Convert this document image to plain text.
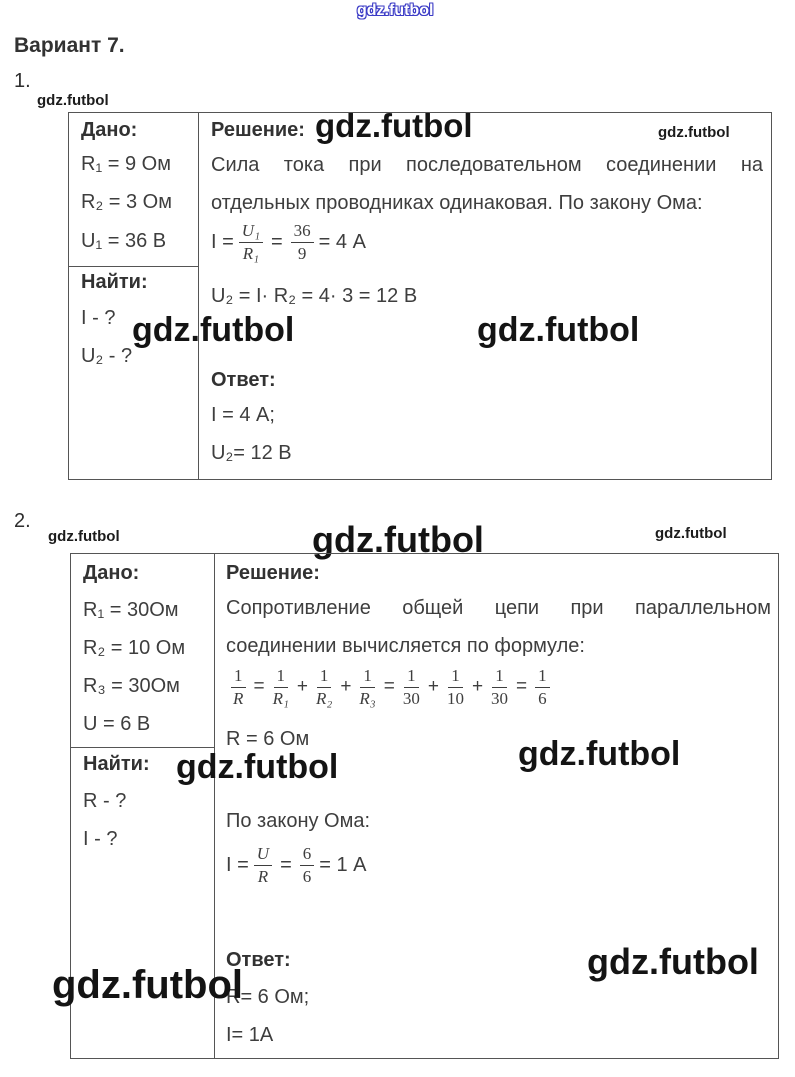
gdz.futbol
Вариант 7.
1.
gdz.futbol
Дано:
R₁ = 9 Ом
R₂ = 3 Ом
U₁ = 36 В
Найти:
I - ?
U₂ - ?
Решение: gdz.futbol	gdz.futbol
Сила тока при последовательном соединении на
отдельных проводниках одинаковая. По закону Ома:
$I = \frac{\text{U₁}}{\text{R₁}} = \frac{36}{9} = 4$ А
U₂ = I· R₂ = 4· 3 = 12 В
Ответ:
I = 4 А;
U₂= 12 В
gdz.futbol	gdz.futbol
2.
gdz.futbol	gdz.futbol	gdz.futbol
Дано:
R₁ = 30Ом
R₂ = 10 Ом
R₃ = 30Ом
U = 6 В
Найти:
R - ?
I - ?
Решение:
Сопротивление общей цепи при параллельном
соединении вычисляется по формуле:
$\frac{1}{R} = \frac{1}{\text{R₁}} + \frac{1}{\text{R₂}} + \frac{1}{\text{R₃}} = \frac{1}{30} + \frac{1}{10} + \frac{1}{30} = \frac{1}{6}$
R = 6 Ом
По закону Ома:
$I = \frac{U}{R} = \frac{6}{6} = 1$ А
Ответ:
R= 6 Ом;
I= 1А
gdz.futbol	gdz.futbol
gdz.futbol
gdz.futbol
